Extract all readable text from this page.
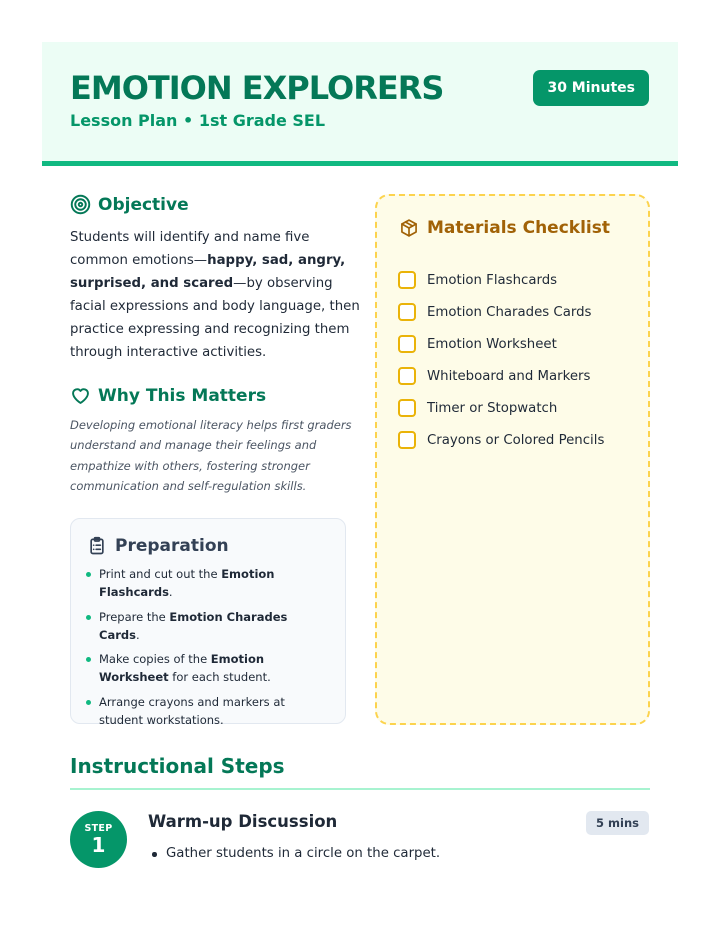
EMOTION EXPLORERS
Lesson Plan • 1st Grade SEL
30 Minutes
Objective
Students will identify and name five common emotions—happy, sad, angry, surprised, and scared—by observing facial expressions and body language, then practice expressing and recognizing them through interactive activities.
Why This Matters
Developing emotional literacy helps first graders understand and manage their feelings and empathize with others, fostering stronger communication and self-regulation skills.
Preparation
Print and cut out the Emotion Flashcards.
Prepare the Emotion Charades Cards.
Make copies of the Emotion Worksheet for each student.
Arrange crayons and markers at student workstations.
Materials Checklist
Emotion Flashcards
Emotion Charades Cards
Emotion Worksheet
Whiteboard and Markers
Timer or Stopwatch
Crayons or Colored Pencils
Instructional Steps
STEP
1
Warm-up Discussion	5 mins
Gather students in a circle on the carpet.
